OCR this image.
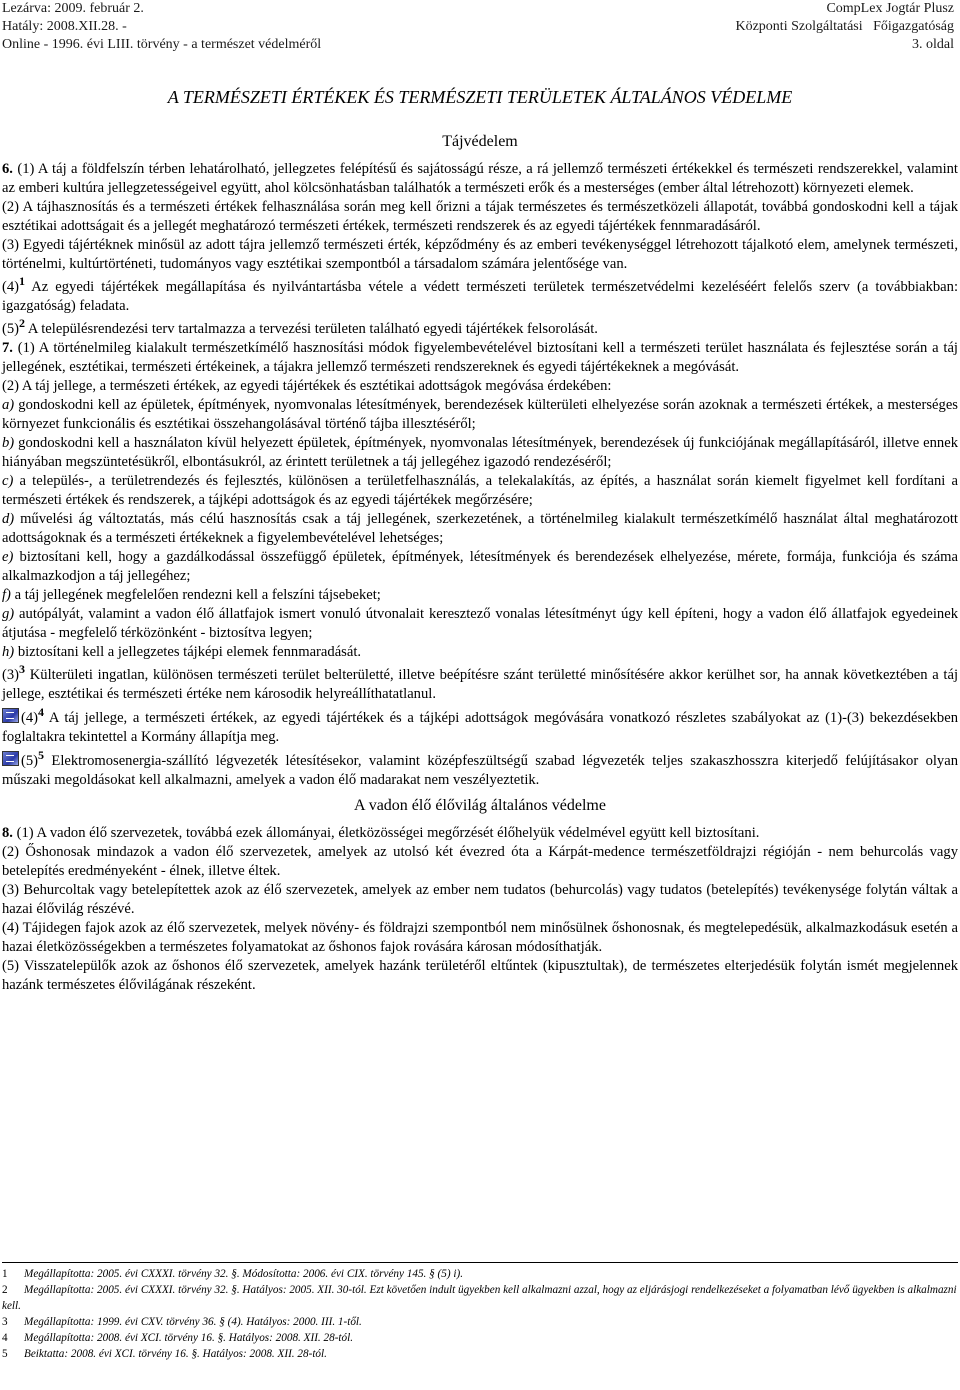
Lezárva: 2009. február 2.
Hatály: 2008.XII.28. -
Online - 1996. évi LIII. törvény - a természet védelméről
CompLex Jogtár Plusz
Központi Szolgáltatási   Főigazgatóság
3. oldal
A TERMÉSZETI ÉRTÉKEK ÉS TERMÉSZETI TERÜLETEK ÁLTALÁNOS VÉDELME
Tájvédelem

6. (1) A táj a földfelszín térben lehatárolható, jellegzetes felépítésű és sajátosságú része, a rá jellemző természeti értékekkel és természeti rendszerekkel, valamint az emberi kultúra jellegzetességeivel együtt, ahol kölcsönhatásban találhatók a természeti erők és a mesterséges (ember által létrehozott) környezeti elemek.

(2) A tájhasznosítás és a természeti értékek felhasználása során meg kell őrizni a tájak természetes és természetközeli állapotát, továbbá gondoskodni kell a tájak esztétikai adottságait és a jellegét meghatározó természeti értékek, természeti rendszerek és az egyedi tájértékek fennmaradásáról.

(3) Egyedi tájértéknek minősül az adott tájra jellemző természeti érték, képződmény és az emberi tevékenységgel létrehozott tájalkotó elem, amelynek természeti, történelmi, kultúrtörténeti, tudományos vagy esztétikai szempontból a társadalom számára jelentősége van.

(4)$^1$ Az egyedi tájértékek megállapítása és nyilvántartásba vétele a védett természeti területek természetvédelmi kezeléséért felelős szerv (a továbbiakban: igazgatóság) feladata.

(5)$^2$ A településrendezési terv tartalmazza a tervezési területen található egyedi tájértékek felsorolását.

7. (1) A történelmileg kialakult természetkímélő hasznosítási módok figyelembevételével biztosítani kell a természeti terület használata és fejlesztése során a táj jellegének, esztétikai, természeti értékeinek, a tájakra jellemző természeti rendszereknek és egyedi tájértékeknek a megóvását.

(2) A táj jellege, a természeti értékek, az egyedi tájértékek és esztétikai adottságok megóvása érdekében:

a) gondoskodni kell az épületek, építmények, nyomvonalas létesítmények, berendezések külterületi elhelyezése során azoknak a természeti értékek, a mesterséges környezet funkcionális és esztétikai összehangolásával történő tájba illesztéséről;

b) gondoskodni kell a használaton kívül helyezett épületek, építmények, nyomvonalas létesítmények, berendezések új funkciójának megállapításáról, illetve ennek hiányában megszüntetésükről, elbontásukról, az érintett területnek a táj jellegéhez igazodó rendezéséről;

c) a település-, a területrendezés és fejlesztés, különösen a területfelhasználás, a telekalakítás, az építés, a használat során kiemelt figyelmet kell fordítani a természeti értékek és rendszerek, a tájképi adottságok és az egyedi tájértékek megőrzésére;

d) művelési ág változtatás, más célú hasznosítás csak a táj jellegének, szerkezetének, a történelmileg kialakult természetkímélő használat által meghatározott adottságoknak és a természeti értékeknek a figyelembevételével lehetséges;

e) biztosítani kell, hogy a gazdálkodással összefüggő épületek, építmények, létesítmények és berendezések elhelyezése, mérete, formája, funkciója és száma alkalmazkodjon a táj jellegéhez;

f) a táj jellegének megfelelően rendezni kell a felszíni tájsebeket;

g) autópályát, valamint a vadon élő állatfajok ismert vonuló útvonalait keresztező vonalas létesítményt úgy kell építeni, hogy a vadon élő állatfajok egyedeinek átjutása - megfelelő térközönként - biztosítva legyen;

h) biztosítani kell a jellegzetes tájképi elemek fennmaradását.

(3)$^3$ Külterületi ingatlan, különösen természeti terület belterületté, illetve beépítésre szánt területté minősítésére akkor kerülhet sor, ha annak következtében a táj jellege, esztétikai és természeti értéke nem károsodik helyreállíthatatlanul.

(4)$^4$ A táj jellege, a természeti értékek, az egyedi tájértékek és a tájképi adottságok megóvására vonatkozó részletes szabályokat az (1)-(3) bekezdésekben foglaltakra tekintettel a Kormány állapítja meg.

(5)$^5$ Elektromosenergia-szállító légvezeték létesítésekor, valamint középfeszültségű szabad légvezeték teljes szakaszhosszra kiterjedő felújításakor olyan műszaki megoldásokat kell alkalmazni, amelyek a vadon élő madarakat nem veszélyeztetik.

A vadon élő élővilág általános védelme

8. (1) A vadon élő szervezetek, továbbá ezek állományai, életközösségei megőrzését élőhelyük védelmével együtt kell biztosítani.

(2) Őshonosak mindazok a vadon élő szervezetek, amelyek az utolsó két évezred óta a Kárpát-medence természetföldrajzi régióján - nem behurcolás vagy betelepítés eredményeként - élnek, illetve éltek.

(3) Behurcoltak vagy betelepítettek azok az élő szervezetek, amelyek az ember nem tudatos (behurcolás) vagy tudatos (betelepítés) tevékenysége folytán váltak a hazai élővilág részévé.

(4) Tájidegen fajok azok az élő szervezetek, melyek növény- és földrajzi szempontból nem minősülnek őshonosnak, és megtelepedésük, alkalmazkodásuk esetén a hazai életközösségekben a természetes folyamatokat az őshonos fajok rovására károsan módosíthatják.

(5) Visszatelepülők azok az őshonos élő szervezetek, amelyek hazánk területéről eltűntek (kipusztultak), de természetes elterjedésük folytán ismét megjelennek hazánk természetes élővilágának részeként.

1 Megállapította: 2005. évi CXXXI. törvény 32. §. Módosította: 2006. évi CIX. törvény 145. § (5) i).
2 Megállapította: 2005. évi CXXXI. törvény 32. §. Hatályos: 2005. XII. 30-tól. Ezt követően indult ügyekben kell alkalmazni azzal, hogy az eljárásjogi rendelkezéseket a folyamatban lévő ügyekben is alkalmazni kell.
3 Megállapította: 1999. évi CXV. törvény 36. § (4). Hatályos: 2000. III. 1-től.
4 Megállapította: 2008. évi XCI. törvény 16. §. Hatályos: 2008. XII. 28-tól.
5 Beiktatta: 2008. évi XCI. törvény 16. §. Hatályos: 2008. XII. 28-tól.
